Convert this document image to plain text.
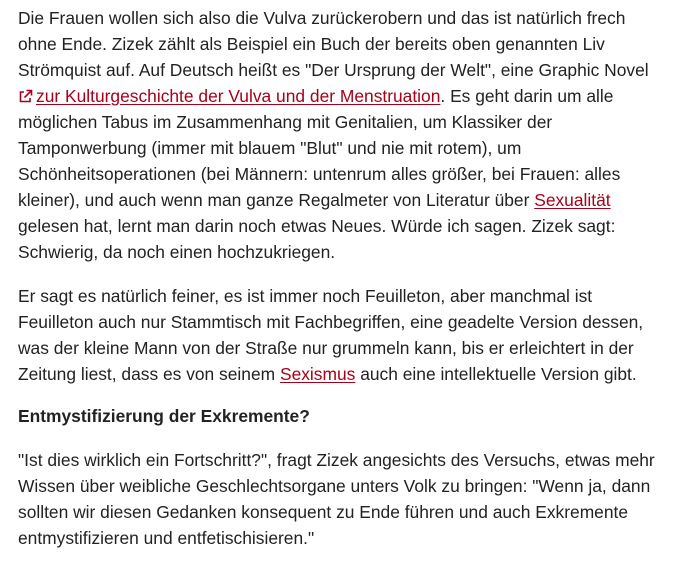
Die Frauen wollen sich also die Vulva zurückerobern und das ist natürlich frech ohne Ende. Zizek zählt als Beispiel ein Buch der bereits oben genannten Liv Strömquist auf. Auf Deutsch heißt es "Der Ursprung der Welt", eine Graphic Novel
zur Kulturgeschichte der Vulva und der Menstruation. Es geht darin um alle möglichen Tabus im Zusammenhang mit Genitalien, um Klassiker der Tamponwerbung (immer mit blauem "Blut" und nie mit rotem), um Schönheitsoperationen (bei Männern: untenrum alles größer, bei Frauen: alles kleiner), und auch wenn man ganze Regalmeter von Literatur über Sexualität gelesen hat, lernt man darin noch etwas Neues. Würde ich sagen. Zizek sagt: Schwierig, da noch einen hochzukriegen.

Er sagt es natürlich feiner, es ist immer noch Feuilleton, aber manchmal ist Feuilleton auch nur Stammtisch mit Fachbegriffen, eine geadelte Version dessen, was der kleine Mann von der Straße nur grummeln kann, bis er erleichtert in der Zeitung liest, dass es von seinem Sexismus auch eine intellektuelle Version gibt.

Entmystifizierung der Exkremente?

"Ist dies wirklich ein Fortschritt?", fragt Zizek angesichts des Versuchs, etwas mehr Wissen über weibliche Geschlechtsorgane unters Volk zu bringen: "Wenn ja, dann sollten wir diesen Gedanken konsequent zu Ende führen und auch Exkremente entmystifizieren und entfetischisieren."
